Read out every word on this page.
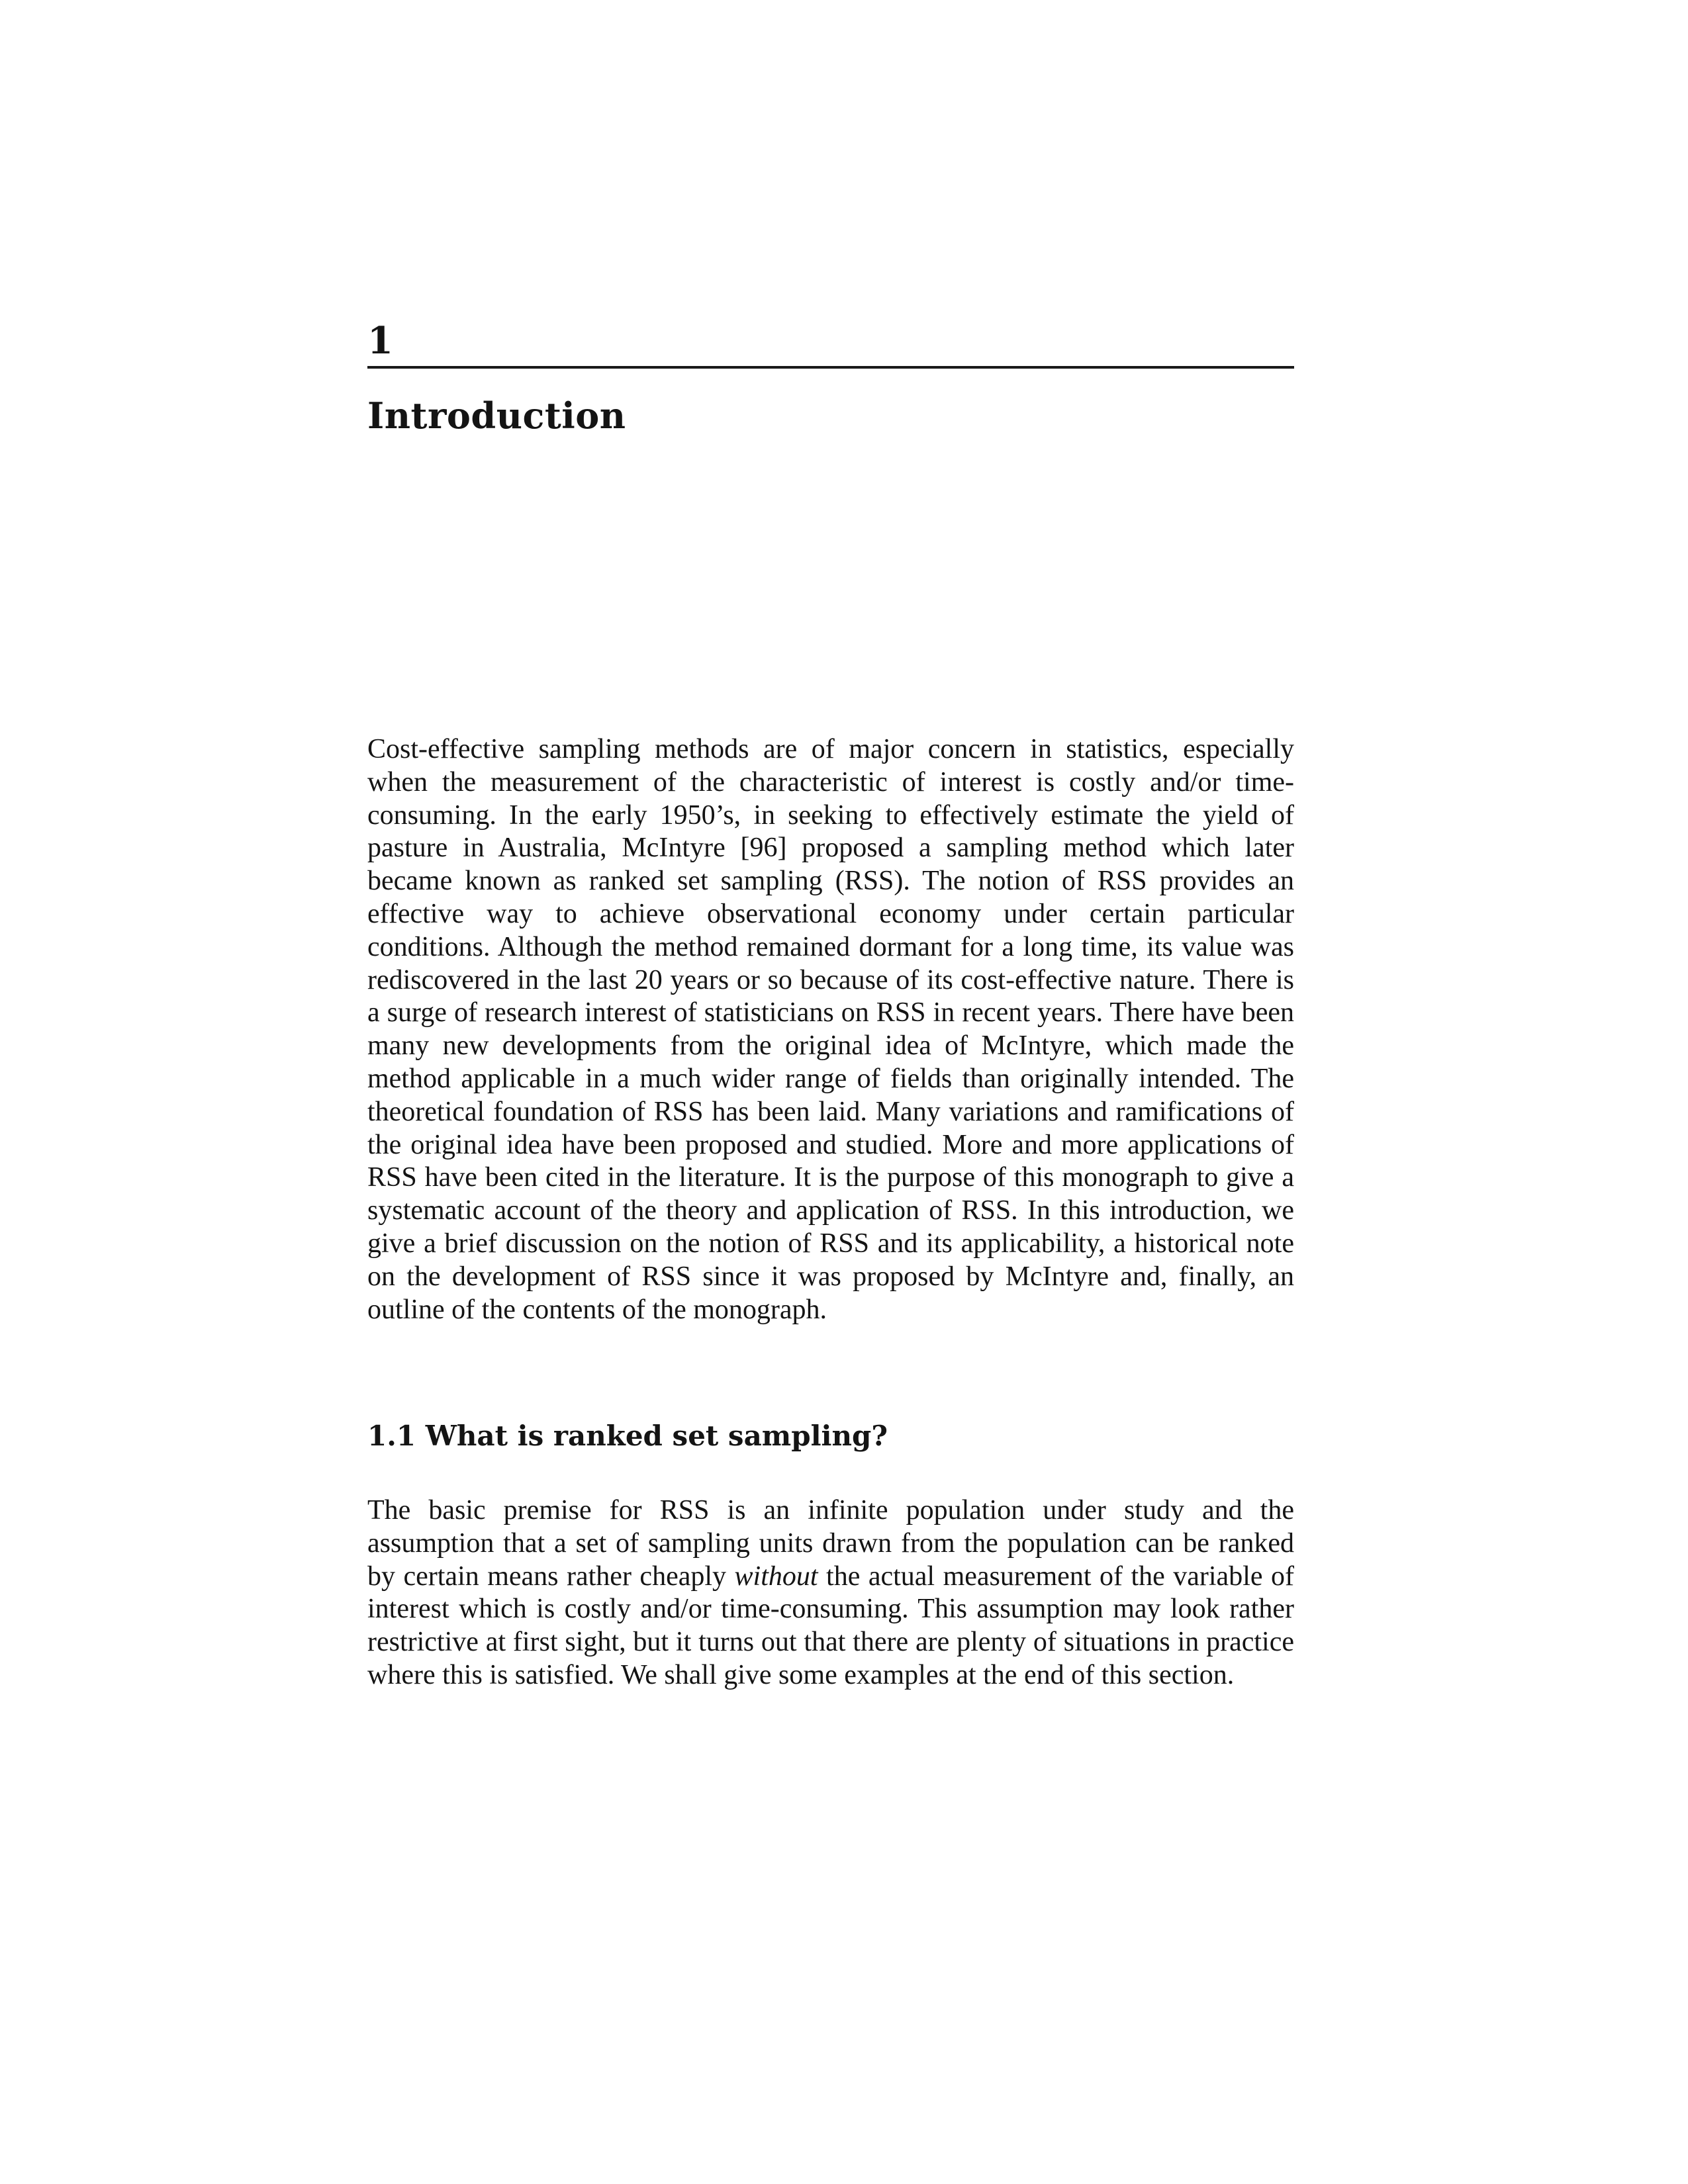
1
Introduction

Cost-effective sampling methods are of major concern in statistics, especially when the measurement of the characteristic of interest is costly and/or time-consuming. In the early 1950’s, in seeking to effectively estimate the yield of pasture in Australia, McIntyre [96] proposed a sampling method which later became known as ranked set sampling (RSS). The notion of RSS provides an effective way to achieve observational economy under certain particular conditions. Although the method remained dormant for a long time, its value was rediscovered in the last 20 years or so because of its cost-effective nature. There is a surge of research interest of statisticians on RSS in recent years. There have been many new developments from the original idea of McIntyre, which made the method applicable in a much wider range of fields than originally intended. The theoretical foundation of RSS has been laid. Many variations and ramifications of the original idea have been proposed and studied. More and more applications of RSS have been cited in the literature. It is the purpose of this monograph to give a systematic account of the theory and application of RSS. In this introduction, we give a brief discussion on the notion of RSS and its applicability, a historical note on the development of RSS since it was proposed by McIntyre and, finally, an outline of the contents of the monograph.

1.1 What is ranked set sampling?

The basic premise for RSS is an infinite population under study and the assumption that a set of sampling units drawn from the population can be ranked by certain means rather cheaply without the actual measurement of the variable of interest which is costly and/or time-consuming. This assumption may look rather restrictive at first sight, but it turns out that there are plenty of situations in practice where this is satisfied. We shall give some examples at the end of this section.
